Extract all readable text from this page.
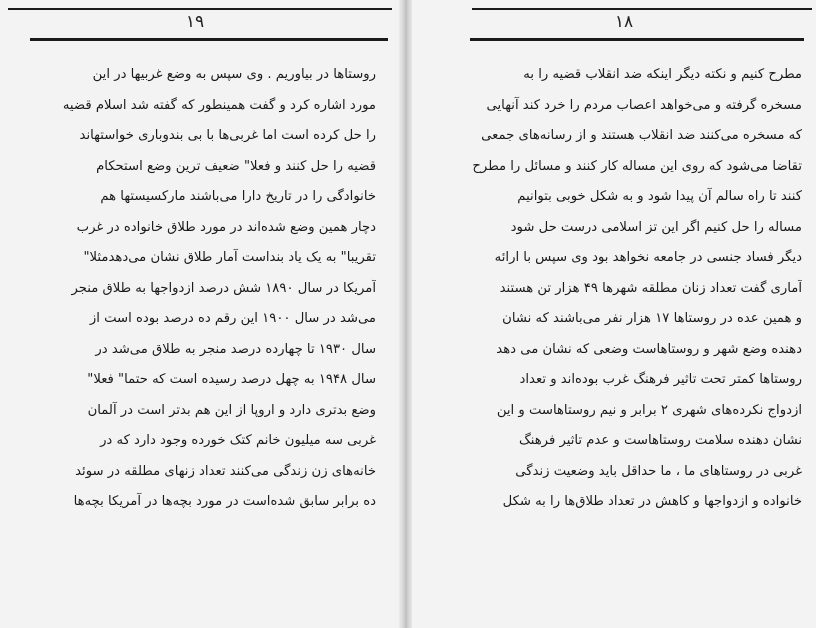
۱۹
روستاها در بیاوریم . وی سپس به وضع غربیها در این
مورد اشاره کرد و گفت همینطور که گفته شد اسلام قضیه
را حل کرده است اما غربی‌ها با بی بندوباری خواستهاند
قضیه را حل کنند و فعلا" ضعیف ترین وضع استحکام
خانوادگی را در تاریخ دارا می‌باشند مارکسیستها هم
دچار همین وضع شده‌اند در مورد طلاق خانواده در غرب
تقریبا" به یک یاد بنداست آمار طلاق نشان می‌دهدمثلا"
آمریکا در سال ۱۸۹۰ شش درصد ازدواجها به طلاق منجر
می‌شد در سال ۱۹۰۰ این رقم ده درصد بوده است از
سال ۱۹۳۰ تا چهارده درصد منجر به طلاق می‌شد در
سال ۱۹۴۸ به چهل درصد رسیده است که حتما" فعلا"
وضع بدتری دارد و اروپا از این هم بدتر است در آلمان
غربی سه میلیون خانم کتک خورده وجود دارد که در
خانه‌های زن زندگی می‌کنند تعداد زنهای مطلقه در سوئد
ده برابر سابق شده‌است در مورد بچه‌ها در آمریکا بچه‌ها
۱۸
مطرح کنیم و نکته دیگر اینکه ضد انقلاب قضیه را به
مسخره گرفته و می‌خواهد اعصاب مردم را خرد کند آنهایی
که مسخره می‌کنند ضد انقلاب هستند و از رسانه‌های جمعی
تقاضا می‌شود که روی این مساله کار کنند و مسائل را مطرح
کنند تا راه سالم آن پیدا شود و به شکل خوبی بتوانیم
مساله را حل کنیم اگر این تز اسلامی درست حل شود
دیگر فساد جنسی در جامعه نخواهد بود وی سپس با ارائه
آماری گفت تعداد زنان مطلقه شهرها ۴۹ هزار تن هستند
و همین عده در روستاها ۱۷ هزار نفر می‌باشند که نشان
دهنده وضع شهر و روستاهاست وضعی که نشان می دهد
روستاها کمتر تحت تاثیر فرهنگ غرب بوده‌اند و تعداد
ازدواج نکرده‌های شهری ۲ برابر و نیم روستاهاست و این
نشان دهنده سلامت روستاهاست و عدم تاثیر فرهنگ
غربی در روستاهای ما ، ما حداقل باید وضعیت زندگی
خانواده و ازدواجها و کاهش در تعداد طلاق‌ها را به شکل
